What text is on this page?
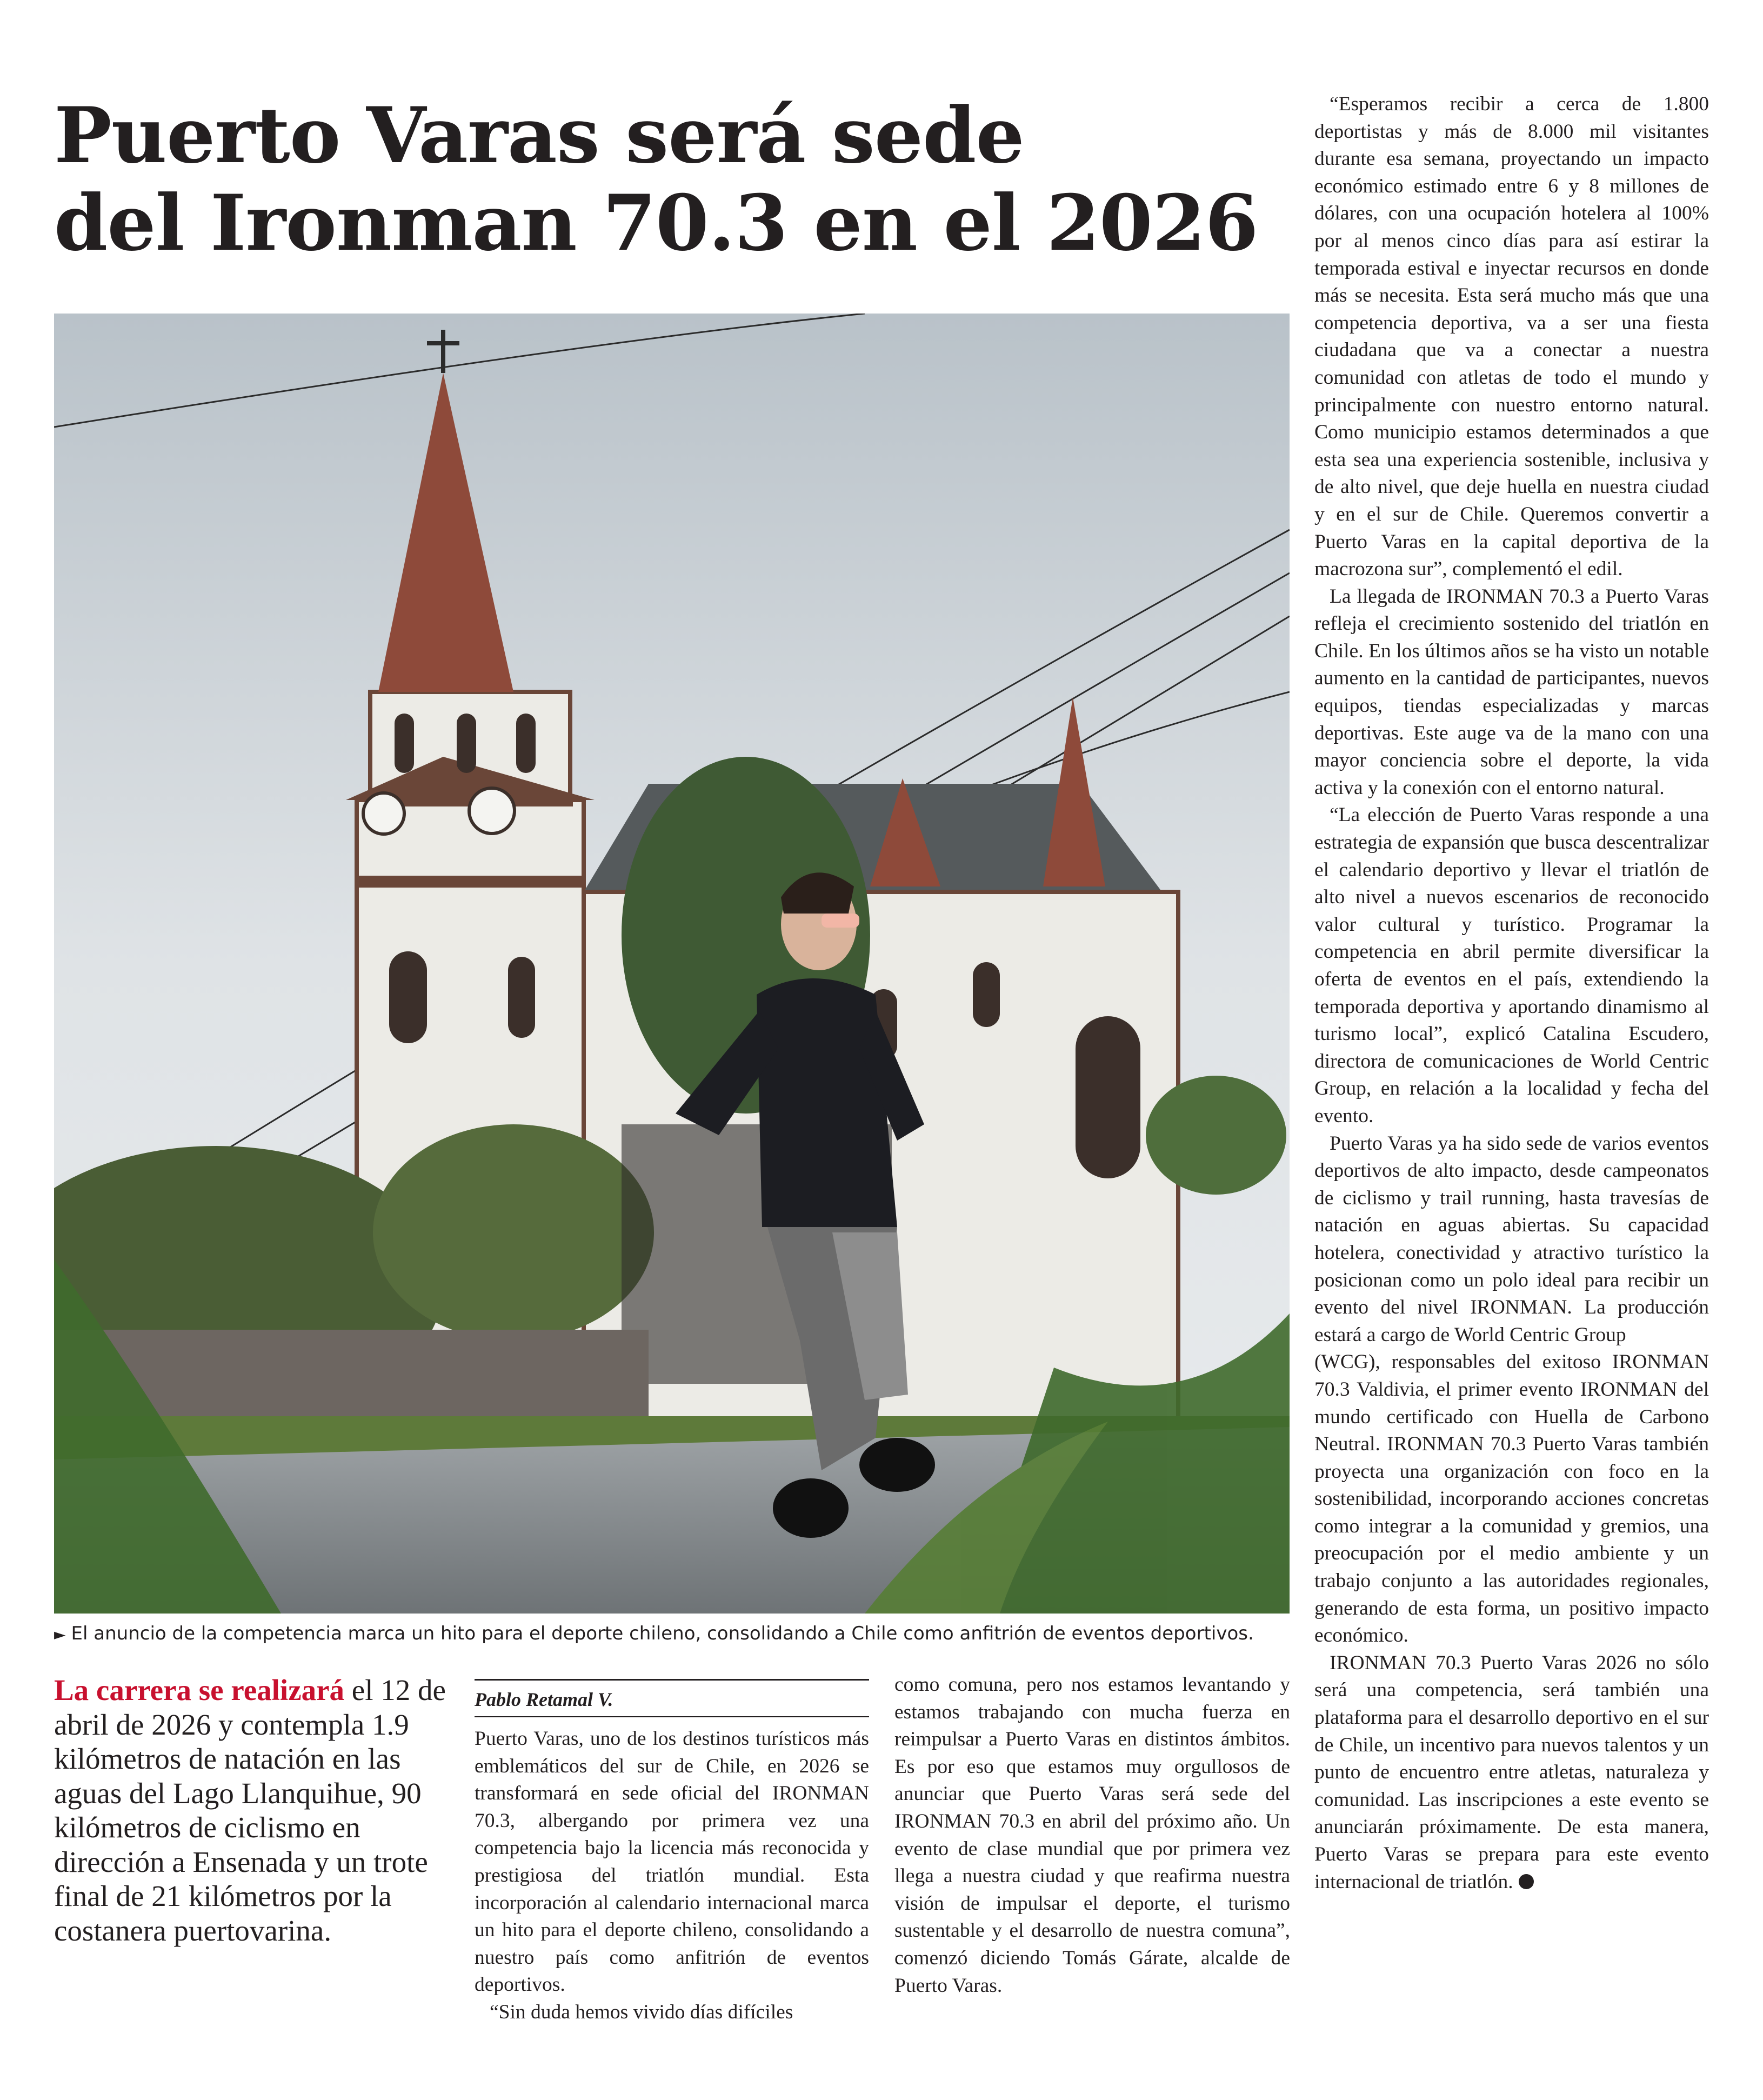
Puerto Varas será sede
del Ironman 70.3 en el 2026
► El anuncio de la competencia marca un hito para el deporte chileno, consolidando a Chile como anfitrión de eventos deportivos.
La carrera se realizará el 12 de abril de 2026 y contempla 1.9 kilómetros de natación en las aguas del Lago Llanquihue, 90 kilómetros de ciclismo en dirección a Ensenada y un trote final de 21 kilómetros por la costanera puertovarina.
Pablo Retamal V.

Puerto Varas, uno de los destinos turísticos más emblemáticos del sur de Chile, en 2026 se transformará en sede oficial del IRONMAN 70.3, albergando por primera vez una competencia bajo la licencia más reconocida y prestigiosa del triatlón mundial. Esta incorporación al calendario internacional marca un hito para el deporte chileno, consolidando a nuestro país como anfitrión de eventos deportivos.

“Sin duda hemos vivido días difíciles

como comuna, pero nos estamos levantando y estamos trabajando con mucha fuerza en reimpulsar a Puerto Varas en distintos ámbitos. Es por eso que estamos muy orgullosos de anunciar que Puerto Varas será sede del IRONMAN 70.3 en abril del próximo año. Un evento de clase mundial que por primera vez llega a nuestra ciudad y que reafirma nuestra visión de impulsar el deporte, el turismo sustentable y el desarrollo de nuestra comuna”, comenzó diciendo Tomás Gárate, alcalde de Puerto Varas.

“Esperamos recibir a cerca de 1.800 deportistas y más de 8.000 mil visitantes durante esa semana, proyectando un impacto económico estimado entre 6 y 8 millones de dólares, con una ocupación hotelera al 100% por al menos cinco días para así estirar la temporada estival e inyectar recursos en donde más se necesita. Esta será mucho más que una competencia deportiva, va a ser una fiesta ciudadana que va a conectar a nuestra comunidad con atletas de todo el mundo y principalmente con nuestro entorno natural. Como municipio estamos determinados a que esta sea una experiencia sostenible, inclusiva y de alto nivel, que deje huella en nuestra ciudad y en el sur de Chile. Queremos convertir a Puerto Varas en la capital deportiva de la macrozona sur”, complementó el edil.

La llegada de IRONMAN 70.3 a Puerto Varas refleja el crecimiento sostenido del triatlón en Chile. En los últimos años se ha visto un notable aumento en la cantidad de participantes, nuevos equipos, tiendas especializadas y marcas deportivas. Este auge va de la mano con una mayor conciencia sobre el deporte, la vida activa y la conexión con el entorno natural.

“La elección de Puerto Varas responde a una estrategia de expansión que busca descentralizar el calendario deportivo y llevar el triatlón de alto nivel a nuevos escenarios de reconocido valor cultural y turístico. Programar la competencia en abril permite diversificar la oferta de eventos en el país, extendiendo la temporada deportiva y aportando dinamismo al turismo local”, explicó Catalina Escudero, directora de comunicaciones de World Centric Group, en relación a la localidad y fecha del evento.

Puerto Varas ya ha sido sede de varios eventos deportivos de alto impacto, desde campeonatos de ciclismo y trail running, hasta travesías de natación en aguas abiertas. Su capacidad hotelera, conectividad y atractivo turístico la posicionan como un polo ideal para recibir un evento del nivel IRONMAN. La producción estará a cargo de World Centric Group

(WCG), responsables del exitoso IRONMAN 70.3 Valdivia, el primer evento IRONMAN del mundo certificado con Huella de Carbono Neutral. IRONMAN 70.3 Puerto Varas también proyecta una organización con foco en la sostenibilidad, incorporando acciones concretas como integrar a la comunidad y gremios, una preocupación por el medio ambiente y un trabajo conjunto a las autoridades regionales, generando de esta forma, un positivo impacto económico.

IRONMAN 70.3 Puerto Varas 2026 no sólo será una competencia, será también una plataforma para el desarrollo deportivo en el sur de Chile, un incentivo para nuevos talentos y un punto de encuentro entre atletas, naturaleza y comunidad. Las inscripciones a este evento se anunciarán próximamente. De esta manera, Puerto Varas se prepara para este evento internacional de triatlón.
